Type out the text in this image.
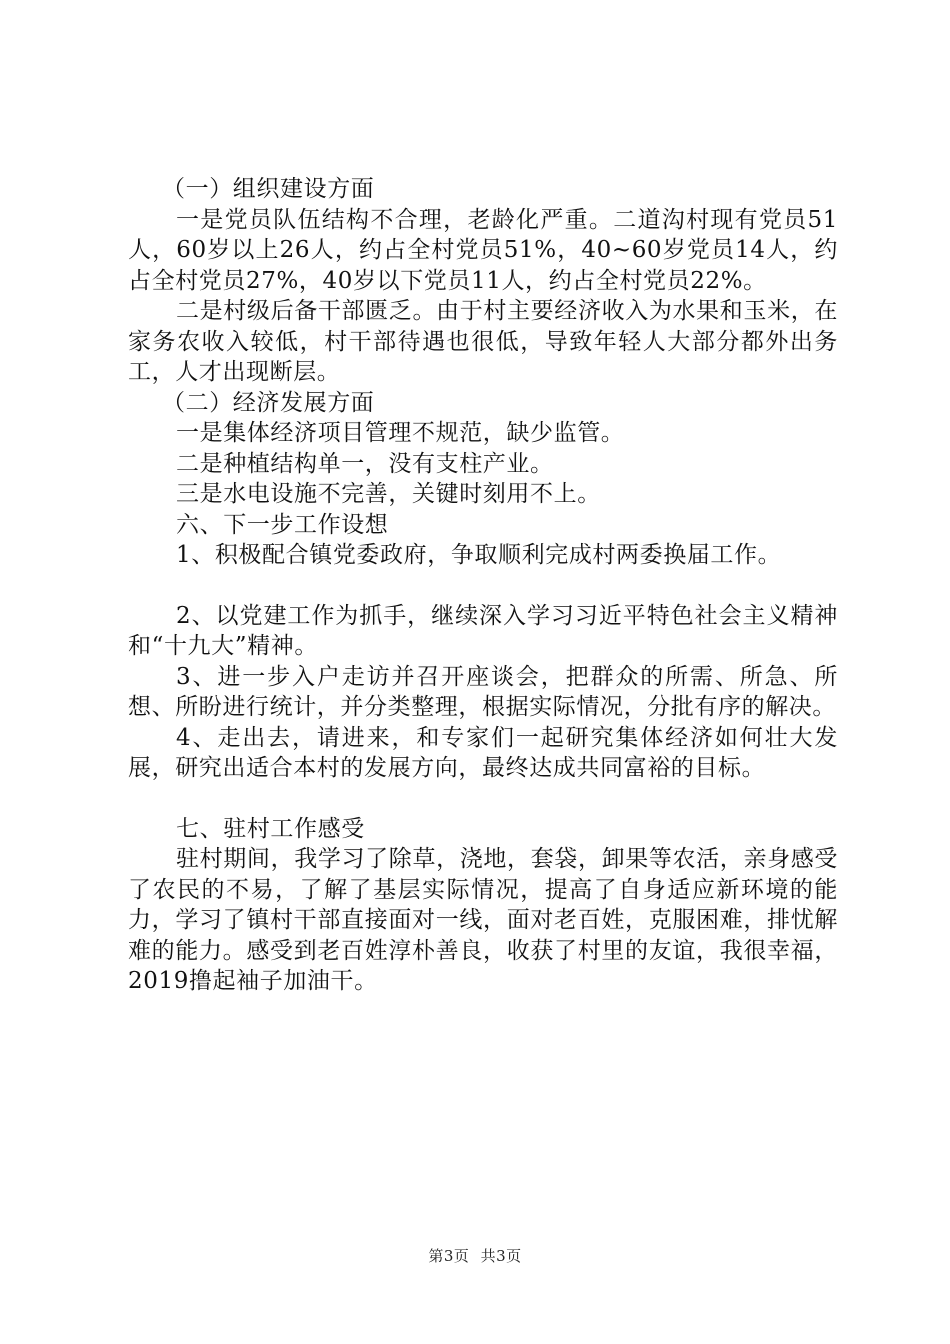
（一）组织建设方面

一是党员队伍结构不合理，老龄化严重。二道沟村现有党员51人，60岁以上26人，约占全村党员51%，40~60岁党员14人，约占全村党员27%，40岁以下党员11人，约占全村党员22%。

二是村级后备干部匮乏。由于村主要经济收入为水果和玉米，在家务农收入较低，村干部待遇也很低，导致年轻人大部分都外出务工，人才出现断层。

（二）经济发展方面

一是集体经济项目管理不规范，缺少监管。

二是种植结构单一，没有支柱产业。

三是水电设施不完善，关键时刻用不上。

六、下一步工作设想

1、积极配合镇党委政府，争取顺利完成村两委换届工作。

2、以党建工作为抓手，继续深入学习习近平特色社会主义精神和“十九大”精神。

3、进一步入户走访并召开座谈会，把群众的所需、所急、所想、所盼进行统计，并分类整理，根据实际情况，分批有序的解决。

4、走出去，请进来，和专家们一起研究集体经济如何壮大发展，研究出适合本村的发展方向，最终达成共同富裕的目标。

七、驻村工作感受

驻村期间，我学习了除草，浇地，套袋，卸果等农活，亲身感受了农民的不易，了解了基层实际情况，提高了自身适应新环境的能力，学习了镇村干部直接面对一线，面对老百姓，克服困难，排忧解难的能力。感受到老百姓淳朴善良，收获了村里的友谊，我很幸福，2019撸起袖子加油干。

第3页 共3页
